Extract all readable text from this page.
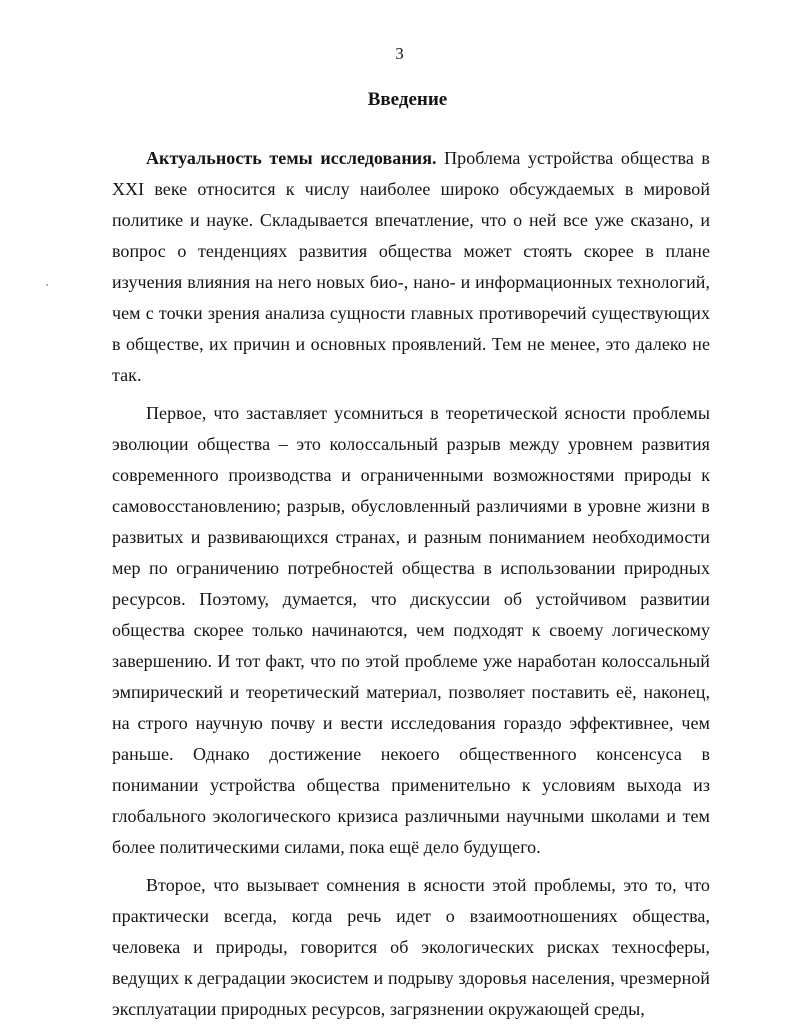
3
Введение

Актуальность темы исследования. Проблема устройства общества в XXI веке относится к числу наиболее широко обсуждаемых в мировой политике и науке. Складывается впечатление, что о ней все уже сказано, и вопрос о тенденциях развития общества может стоять скорее в плане изучения влияния на него новых био-, нано- и информационных технологий, чем с точки зрения анализа сущности главных противоречий существующих в обществе, их причин и основных проявлений. Тем не менее, это далеко не так.

Первое, что заставляет усомниться в теоретической ясности проблемы эволюции общества – это колоссальный разрыв между уровнем развития современного производства и ограниченными возможностями природы к самовосстановлению; разрыв, обусловленный различиями в уровне жизни в развитых и развивающихся странах, и разным пониманием необходимости мер по ограничению потребностей общества в использовании природных ресурсов. Поэтому, думается, что дискуссии об устойчивом развитии общества скорее только начинаются, чем подходят к своему логическому завершению. И тот факт, что по этой проблеме уже наработан колоссальный эмпирический и теоретический материал, позволяет поставить её, наконец, на строго научную почву и вести исследования гораздо эффективнее, чем раньше. Однако достижение некоего общественного консенсуса в понимании устройства общества применительно к условиям выхода из глобального экологического кризиса различными научными школами и тем более политическими силами, пока ещё дело будущего.

Второе, что вызывает сомнения в ясности этой проблемы, это то, что практически всегда, когда речь идет о взаимоотношениях общества, человека и природы, говорится об экологических рисках техносферы, ведущих к деградации экосистем и подрыву здоровья населения, чрезмерной эксплуатации природных ресурсов, загрязнении окружающей среды,
